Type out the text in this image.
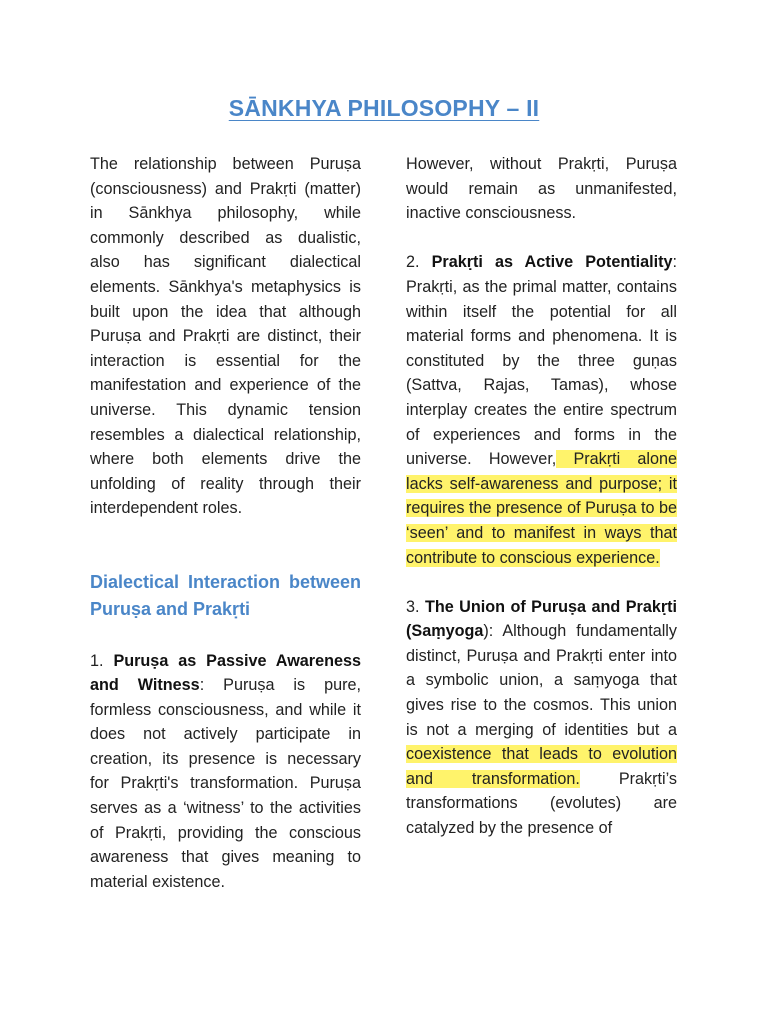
SĀNKHYA PHILOSOPHY – II

The relationship between Puruṣa (consciousness) and Prakṛti (matter) in Sānkhya philosophy, while commonly described as dualistic, also has significant dialectical elements. Sānkhya's metaphysics is built upon the idea that although Puruṣa and Prakṛti are distinct, their interaction is essential for the manifestation and experience of the universe. This dynamic tension resembles a dialectical relationship, where both elements drive the unfolding of reality through their interdependent roles.

Dialectical Interaction between Puruṣa and Prakṛti

1. Puruṣa as Passive Awareness and Witness: Puruṣa is pure, formless consciousness, and while it does not actively participate in creation, its presence is necessary for Prakṛti's transformation. Puruṣa serves as a ‘witness’ to the activities of Prakṛti, providing the conscious awareness that gives meaning to material existence.

However, without Prakṛti, Puruṣa would remain as unmanifested, inactive consciousness.

2. Prakṛti as Active Potentiality: Prakṛti, as the primal matter, contains within itself the potential for all material forms and phenomena. It is constituted by the three guṇas (Sattva, Rajas, Tamas), whose interplay creates the entire spectrum of experiences and forms in the universe. However, Prakṛti alone lacks self-awareness and purpose; it requires the presence of Puruṣa to be ‘seen’ and to manifest in ways that contribute to conscious experience.

3. The Union of Puruṣa and Prakṛti (Saṃyoga): Although fundamentally distinct, Puruṣa and Prakṛti enter into a symbolic union, a saṃyoga that gives rise to the cosmos. This union is not a merging of identities but a coexistence that leads to evolution and transformation. Prakṛti’s transformations (evolutes) are catalyzed by the presence of
